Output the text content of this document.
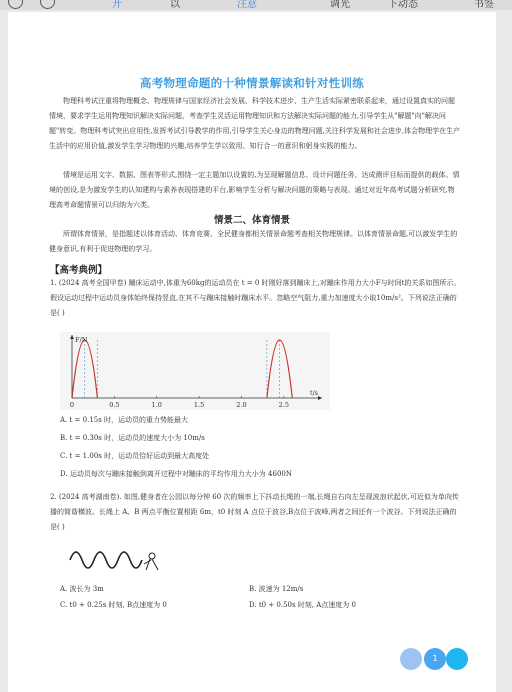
开	以	注意	调光	下动态	书签
高考物理命题的十种情景解读和针对性训练
物理科考试注重将物理概念、物理规律与国家经济社会发展、科学技术进步、生产生活实际紧密联系起来，通过设置真实的问题情境，要求学生运用物理知识解决实际问题，考查学生灵活运用物理知识和方法解决实际问题的能力,引导学生从"解题"向"解决问题"转变。物理科考试突出应用性,发挥考试引导教学的作用,引导学生关心身边的物理问题,关注科学发展和社会进步,体会物理学在生产生活中的应用价值,激发学生学习物理的兴趣,培养学生学以致用、知行合一的意识和躬身实践的能力。
情境是运用文字、数据、图表等形式,围绕一定主题加以设置的,为呈现解题信息、设计问题任务、达成测评目标而提供的载体。情境的创设,是为激发学生的认知建构与素养表现搭建的平台,影响学生分析与解决问题的策略与表现。通过对近年高考试题分析研究,物理高考命题情景可以归纳为六类。
情景二、体育情景
所谓体育情景，是指题述以体育活动、体育竞赛、全民健身都相关情景命题考查相关物理规律。以体育情景命题,可以激发学生的健身意识,有利于促进物理的学习。
【高考典例】
1. (2024 高考全国甲卷) 蹦床运动中,体重为60kg的运动员在 t = 0 时刚好落到蹦床上,对蹦床作用力大小F与时间t的关系如图所示。假设运动过程中运动员身体始终保持竖直,在其不与蹦床接触时蹦床水平。忽略空气阻力,重力加速度大小取10m/s²。下列说法正确的是( )
0	0.5	1.0	1.5	2.0	2.5
F/N
t/s
A. t = 0.15s 时，运动员的重力势能最大
B. t = 0.30s 时，运动员的速度大小为 10m/s
C. t = 1.00s 时，运动员恰好运动到最大高度处
D. 运动员每次与蹦床接触到离开过程中对蹦床的平均作用力大小为 4600N
2. (2024 高考湖南卷). 如图,健身者在公园以每分钟 60 次的频率上下抖动长绳的一端,长绳自右向左呈现波浪状起伏,可近似为单向传播的简谐横波。长绳上 A、B 两点平衡位置相距 6m，t0 时刻 A 点位于波谷,B点位于波峰,两者之间还有一个波谷。下列说法正确的是( )
A. 波长为 3m	B. 波速为 12m/s
C. t0 + 0.25s 时刻, B点速度为 0	D. t0 + 0.50s 时刻, A点速度为 0
1
